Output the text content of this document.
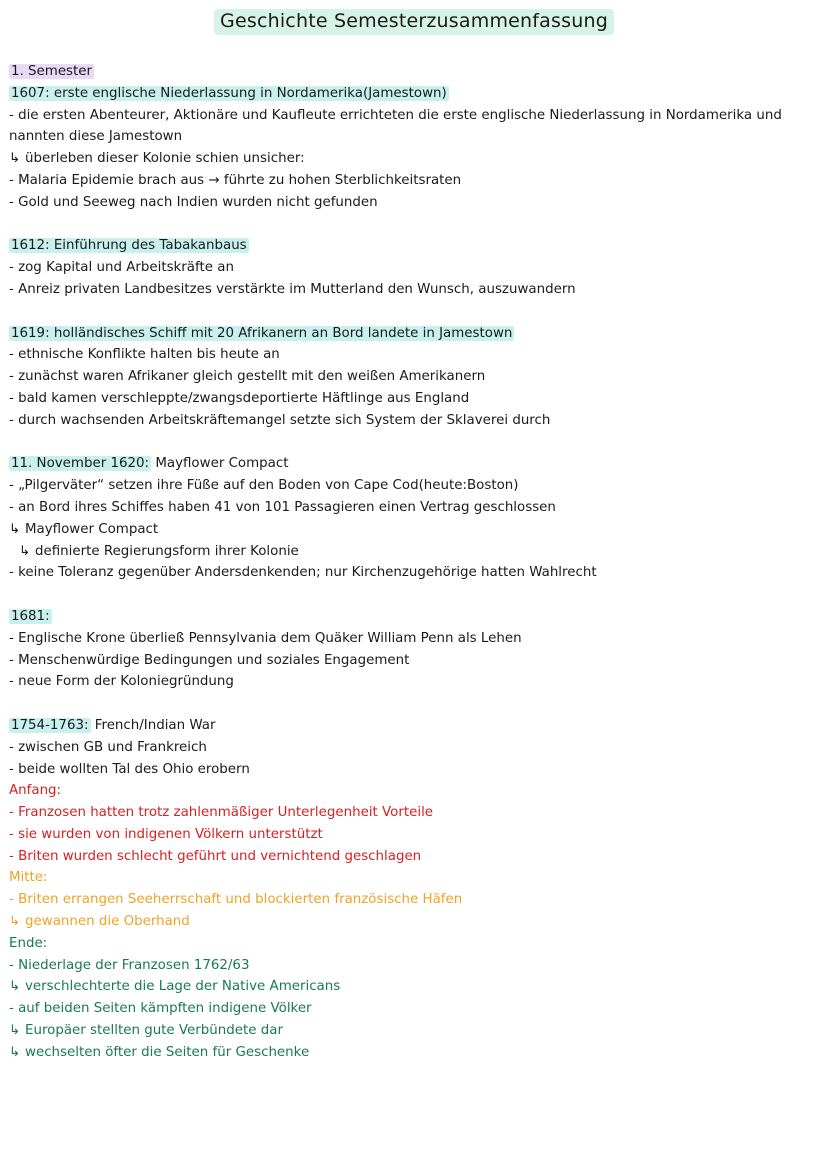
Geschichte Semesterzusammenfassung
1. Semester
1607: erste englische Niederlassung in Nordamerika(Jamestown)
- die ersten Abenteurer, Aktionäre und Kaufleute errichteten die erste englische Niederlassung in Nordamerika und
nannten diese Jamestown
↳ überleben dieser Kolonie schien unsicher:
- Malaria Epidemie brach aus → führte zu hohen Sterblichkeitsraten
- Gold und Seeweg nach Indien wurden nicht gefunden
1612: Einführung des Tabakanbaus
- zog Kapital und Arbeitskräfte an
- Anreiz privaten Landbesitzes verstärkte im Mutterland den Wunsch, auszuwandern
1619: holländisches Schiff mit 20 Afrikanern an Bord landete in Jamestown
- ethnische Konflikte halten bis heute an
- zunächst waren Afrikaner gleich gestellt mit den weißen Amerikanern
- bald kamen verschleppte/zwangsdeportierte Häftlinge aus England
- durch wachsenden Arbeitskräftemangel setzte sich System der Sklaverei durch
11. November 1620: Mayflower Compact
- „Pilgerväter“ setzen ihre Füße auf den Boden von Cape Cod(heute:Boston)
- an Bord ihres Schiffes haben 41 von 101 Passagieren einen Vertrag geschlossen
↳ Mayflower Compact
↳ definierte Regierungsform ihrer Kolonie
- keine Toleranz gegenüber Andersdenkenden; nur Kirchenzugehörige hatten Wahlrecht
1681:
- Englische Krone überließ Pennsylvania dem Quäker William Penn als Lehen
- Menschenwürdige Bedingungen und soziales Engagement
- neue Form der Koloniegründung
1754-1763: French/Indian War
- zwischen GB und Frankreich
- beide wollten Tal des Ohio erobern
Anfang:
- Franzosen hatten trotz zahlenmäßiger Unterlegenheit Vorteile
- sie wurden von indigenen Völkern unterstützt
- Briten wurden schlecht geführt und vernichtend geschlagen
Mitte:
- Briten errangen Seeherrschaft und blockierten französische Häfen
↳ gewannen die Oberhand
Ende:
- Niederlage der Franzosen 1762/63
↳ verschlechterte die Lage der Native Americans
- auf beiden Seiten kämpften indigene Völker
↳ Europäer stellten gute Verbündete dar
↳ wechselten öfter die Seiten für Geschenke
